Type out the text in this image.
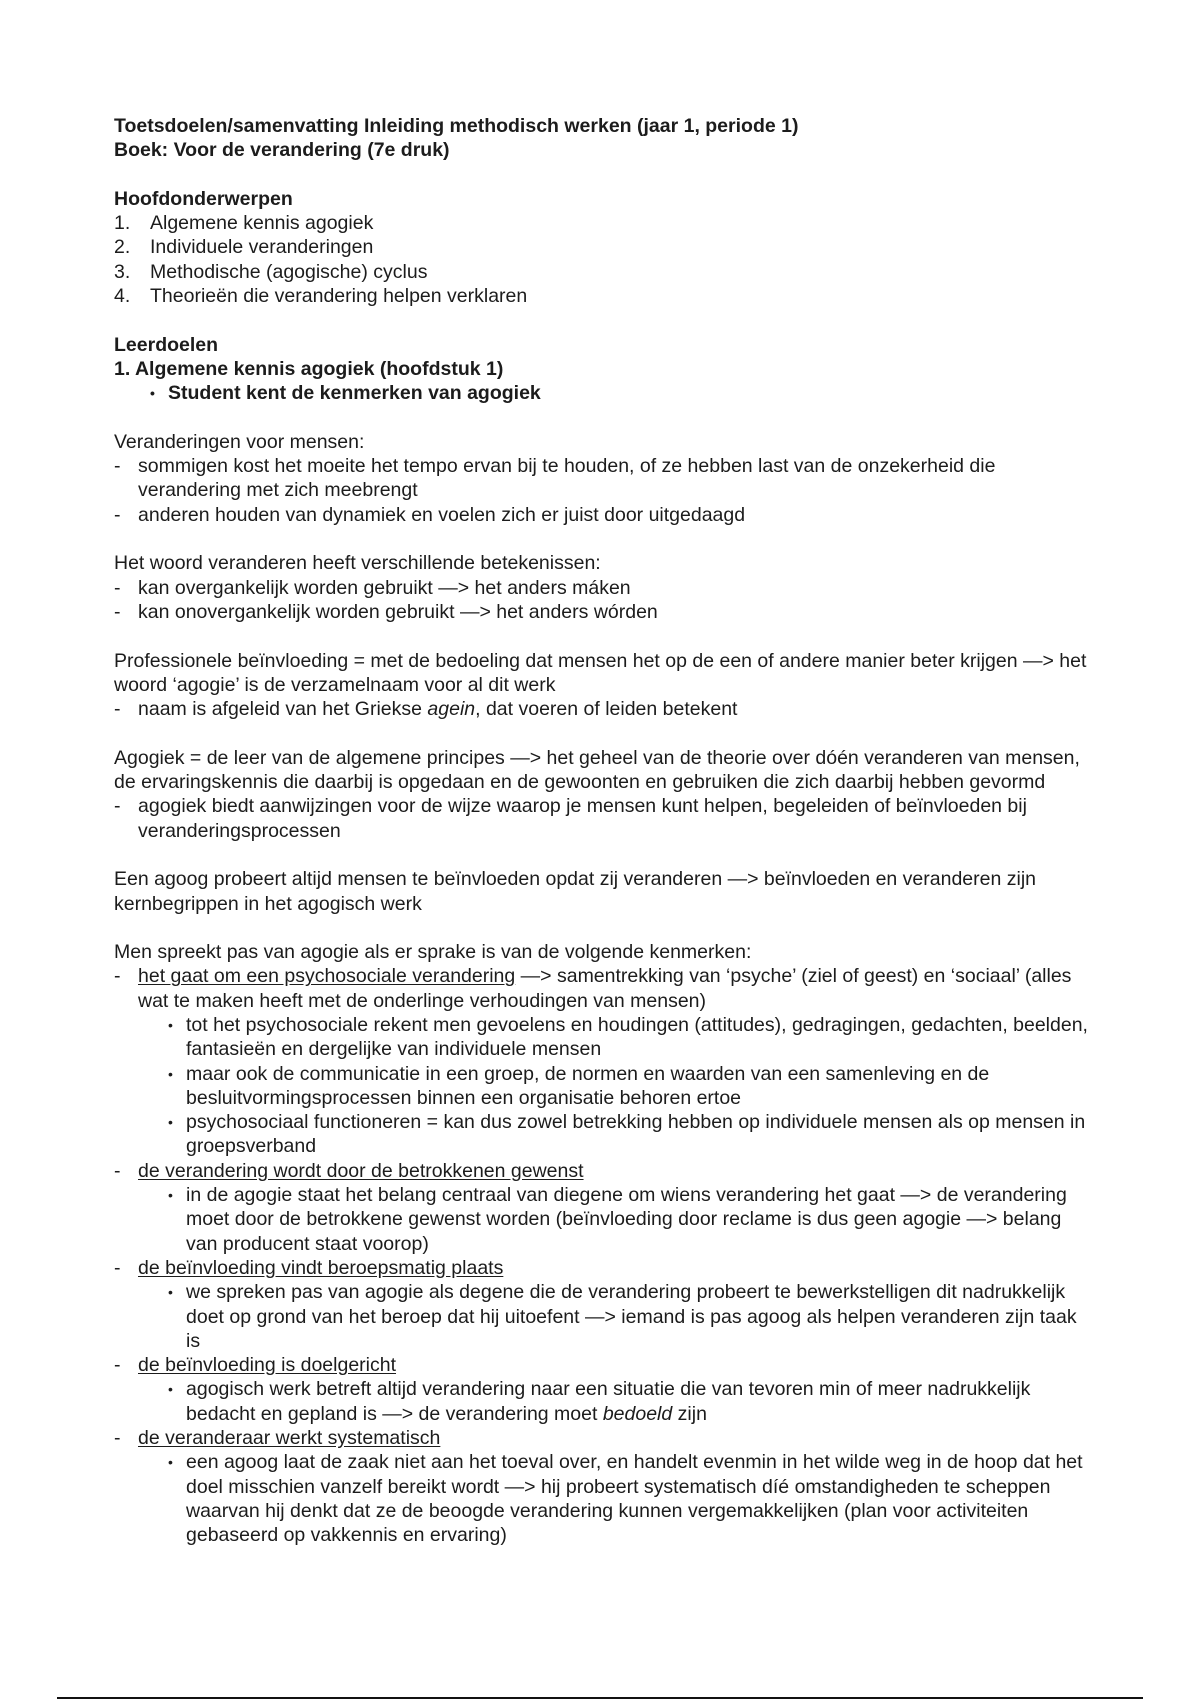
Toetsdoelen/samenvatting Inleiding methodisch werken (jaar 1, periode 1)
Boek: Voor de verandering (7e druk)
Hoofdonderwerpen
1.	Algemene kennis agogiek
2.	Individuele veranderingen
3.	Methodische (agogische) cyclus
4.	Theorieën die verandering helpen verklaren
Leerdoelen
1. Algemene kennis agogiek (hoofdstuk 1)
• Student kent de kenmerken van agogiek
Veranderingen voor mensen:
- sommigen kost het moeite het tempo ervan bij te houden, of ze hebben last van de onzekerheid die verandering met zich meebrengt
- anderen houden van dynamiek en voelen zich er juist door uitgedaagd
Het woord veranderen heeft verschillende betekenissen:
- kan overgankelijk worden gebruikt —> het anders máken
- kan onovergankelijk worden gebruikt —> het anders wórden
Professionele beïnvloeding = met de bedoeling dat mensen het op de een of andere manier beter krijgen —> het woord ‘agogie’ is de verzamelnaam voor al dit werk
- naam is afgeleid van het Griekse agein, dat voeren of leiden betekent
Agogiek = de leer van de algemene principes —> het geheel van de theorie over dóén veranderen van mensen, de ervaringskennis die daarbij is opgedaan en de gewoonten en gebruiken die zich daarbij hebben gevormd
- agogiek biedt aanwijzingen voor de wijze waarop je mensen kunt helpen, begeleiden of beïnvloeden bij veranderingsprocessen
Een agoog probeert altijd mensen te beïnvloeden opdat zij veranderen —> beïnvloeden en veranderen zijn kernbegrippen in het agogisch werk
Men spreekt pas van agogie als er sprake is van de volgende kenmerken:
- het gaat om een psychosociale verandering —> samentrekking van ‘psyche’ (ziel of geest) en ‘sociaal’ (alles wat te maken heeft met de onderlinge verhoudingen van mensen)
• tot het psychosociale rekent men gevoelens en houdingen (attitudes), gedragingen, gedachten, beelden, fantasieën en dergelijke van individuele mensen
• maar ook de communicatie in een groep, de normen en waarden van een samenleving en de besluitvormingsprocessen binnen een organisatie behoren ertoe
• psychosociaal functioneren = kan dus zowel betrekking hebben op individuele mensen als op mensen in groepsverband
- de verandering wordt door de betrokkenen gewenst
• in de agogie staat het belang centraal van diegene om wiens verandering het gaat —> de verandering moet door de betrokkene gewenst worden (beïnvloeding door reclame is dus geen agogie —> belang van producent staat voorop)
- de beïnvloeding vindt beroepsmatig plaats
• we spreken pas van agogie als degene die de verandering probeert te bewerkstelligen dit nadrukkelijk doet op grond van het beroep dat hij uitoefent —> iemand is pas agoog als helpen veranderen zijn taak is
- de beïnvloeding is doelgericht
• agogisch werk betreft altijd verandering naar een situatie die van tevoren min of meer nadrukkelijk bedacht en gepland is —> de verandering moet bedoeld zijn
- de veranderaar werkt systematisch
• een agoog laat de zaak niet aan het toeval over, en handelt evenmin in het wilde weg in de hoop dat het doel misschien vanzelf bereikt wordt —> hij probeert systematisch díé omstandigheden te scheppen waarvan hij denkt dat ze de beoogde verandering kunnen vergemakkelijken (plan voor activiteiten gebaseerd op vakkennis en ervaring)
